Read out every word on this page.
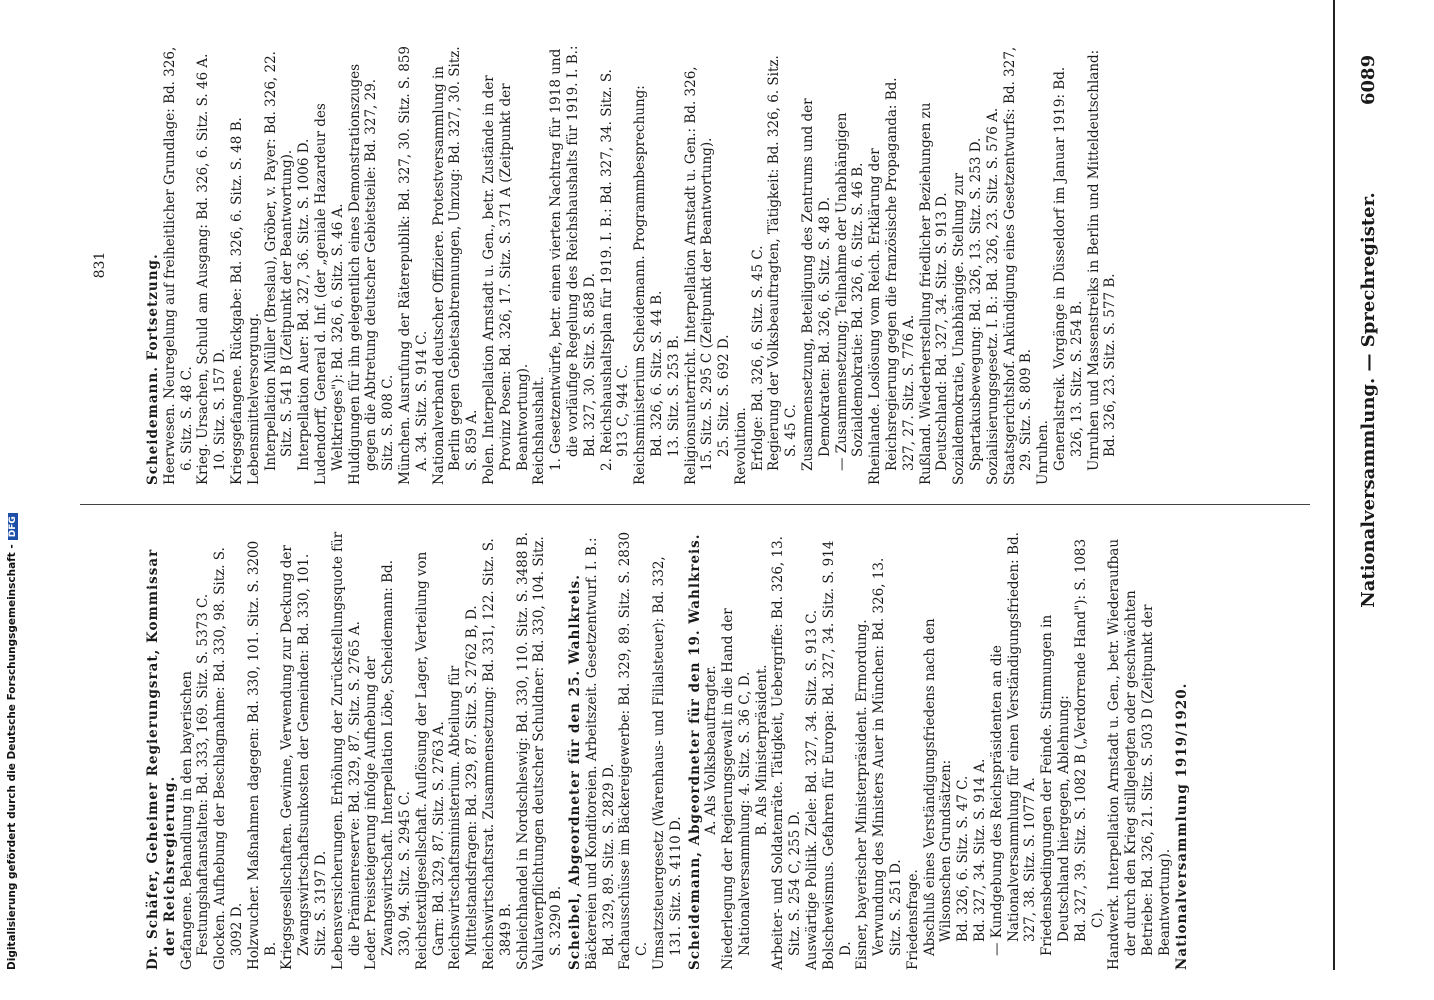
Nationalversammlung. — Sprechregister.
6089

Dr. Schäfer, Geheimer Regierungsrat, Kommissar der Reichsregierung. Gefangene. Behandlung in den bayerischen Festungshaftanstalten: Bd. 333, 169. Sitz. S. 5373 C. Glocken. Aufhebung der Beschlagnahme: Bd. 330, 98. Sitz. S. 3092 D. Holzwucher. Maßnahmen dagegen: Bd. 330, 101. Sitz. S. 3200 B. Kriegsgesellschaften. Gewinne, Verwendung zur Deckung der Zwangswirtschaftsunkosten der Gemeinden: Bd. 330, 101. Sitz. S. 3197 D. Lebensversicherungen. Erhöhung der Zurückstellungsquote für die Prämienreserve: Bd. 329, 87. Sitz. S. 2765 A. Leder. Preissteigerung infolge Aufhebung der Zwangswirtschaft. Interpellation Löbe, Scheidemann: Bd. 330, 94. Sitz. S. 2945 C. Reichstextilgesellschaft. Auflösung der Lager, Verteilung von Garn: Bd. 329, 87. Sitz. S. 2763 A. Reichswirtschaftsministerium. Abteilung für Mittelstandsfragen: Bd. 329, 87. Sitz. S. 2762 B, D. Reichswirtschaftsrat. Zusammensetzung: Bd. 331, 122. Sitz. S. 3849 B. Schleichhandel in Nordschleswig: Bd. 330, 110. Sitz. S. 3488 B. Valutaverpflichtungen deutscher Schuldner: Bd. 330, 104. Sitz. S. 3290 B. Scheibel, Abgeordneter für den 25. Wahlkreis. Bäckereien und Konditoreien. Arbeitszeit. Gesetzentwurf. I. B.: Bd. 329, 89. Sitz. S. 2829 D. Fachausschüsse im Bäckereigewerbe: Bd. 329, 89. Sitz. S. 2830 C. Umsatzsteuergesetz (Warenhaus- und Filialsteuer): Bd. 332, 131. Sitz. S. 4110 D. Scheidemann, Abgeordneter für den 19. Wahlkreis. A. Als Volksbeauftragter. Niederlegung der Regierungsgewalt in die Hand der Nationalversammlung: 4. Sitz. S. 36 C, D. B. Als Ministerpräsident. Arbeiter- und Soldatenräte. Tätigkeit, Uebergriffe: Bd. 326, 13. Sitz. S. 254 C, 255 D. Auswärtige Politik. Ziele: Bd. 327, 34. Sitz. S. 913 C. Bolschewismus. Gefahren für Europa: Bd. 327, 34. Sitz. S. 914 D. Eisner, bayerischer Ministerpräsident. Ermordung. Verwundung des Ministers Auer in München: Bd. 326, 13. Sitz. S. 251 D. Friedensfrage. Abschluß eines Verständigungsfriedens nach den Wilsonschen Grundsätzen: Bd. 326, 6. Sitz. S. 47 C. Bd. 327, 34. Sitz. S. 914 A. — Kundgebung des Reichspräsidenten an die Nationalversammlung für einen Verständigungsfrieden: Bd. 327, 38. Sitz. S. 1077 A. Friedensbedingungen der Feinde. Stimmungen in Deutschland hiergegen, Ablehnung: Bd. 327, 39. Sitz. S. 1082 B („Verdorrende Hand"): S. 1083 C). Handwerk. Interpellation Arnstadt u. Gen., betr. Wiederaufbau der durch den Krieg stillgelegten oder geschwächten Betriebe: Bd. 326, 21. Sitz. S. 503 D (Zeitpunkt der Beantwortung). Nationalversammlung 1919/1920.

Scheidemann. Fortsetzung. Heerwesen. Neuregelung auf freiheitlicher Grundlage: Bd. 326, 6. Sitz. S. 48 C. Krieg. Ursachen, Schuld am Ausgang: Bd. 326, 6. Sitz. S. 46 A. 10. Sitz. S. 157 D. Kriegsgefangene. Rückgabe: Bd. 326, 6. Sitz. S. 48 B. Lebensmittelversorgung. Interpellation Müller (Breslau), Gröber, v. Payer: Bd. 326, 22. Sitz. S. 541 B (Zeitpunkt der Beantwortung). Interpellation Auer: Bd. 327, 36. Sitz. S. 1006 D. Ludendorff, General d. Inf. (der „geniale Hazardeur des Weltkrieges"): Bd. 326, 6. Sitz. S. 46 A. Huldigungen für ihn gelegentlich eines Demonstrationszuges gegen die Abtretung deutscher Gebietsteile: Bd. 327, 29. Sitz. S. 808 C. München. Ausrufung der Räterepublik: Bd. 327, 30. Sitz. S. 859 A. 34. Sitz. S. 914 C. Nationalverband deutscher Offiziere. Protestversammlung in Berlin gegen Gebietsabtrennungen, Umzug: Bd. 327, 30. Sitz. S. 859 A. Polen. Interpellation Arnstadt u. Gen., betr. Zustände in der Provinz Posen: Bd. 326, 17. Sitz. S. 371 A (Zeitpunkt der Beantwortung). Reichshaushalt. 1. Gesetzentwürfe, betr. einen vierten Nachtrag für 1918 und die vorläufige Regelung des Reichshaushalts für 1919. I. B.: Bd. 327, 30. Sitz. S. 858 D. 2. Reichshaushaltsplan für 1919. I. B.: Bd. 327, 34. Sitz. S. 913 C, 944 C. Reichsministerium Scheidemann. Programmbesprechung: Bd. 326, 6. Sitz. S. 44 B. 13. Sitz. S. 253 B. Religionsunterricht. Interpellation Arnstadt u. Gen.: Bd. 326, 15. Sitz. S. 295 C (Zeitpunkt der Beantwortung). 25. Sitz. S. 692 D. Revolution. Erfolge: Bd. 326, 6. Sitz. S. 45 C. Regierung der Volksbeauftragten, Tätigkeit: Bd. 326, 6. Sitz. S. 45 C. Zusammensetzung, Beteiligung des Zentrums und der Demokraten: Bd. 326, 6. Sitz. S. 48 D. — Zusammensetzung; Teilnahme der Unabhängigen Sozialdemokratie: Bd. 326, 6. Sitz. S. 46 B. Rheinlande. Loslösung vom Reich. Erklärung der Reichsregierung gegen die französische Propaganda: Bd. 327, 27. Sitz. S. 776 A. Rußland. Wiederherstellung friedlicher Beziehungen zu Deutschland: Bd. 327, 34. Sitz. S. 913 D. Sozialdemokratie, Unabhängige. Stellung zur Spartakusbewegung: Bd. 326, 13. Sitz. S. 253 D. Sozialisierungsgesetz. I. B.: Bd. 326, 23. Sitz. S. 576 A. Staatsgerichtshof. Ankündigung eines Gesetzentwurfs: Bd. 327, 29. Sitz. S. 809 B. Unruhen. Generalstreik. Vorgänge in Düsseldorf im Januar 1919: Bd. 326, 13. Sitz. S. 254 B. Unruhen und Massenstreiks in Berlin und Mitteldeutschland: Bd. 326, 23. Sitz. S. 577 B.

831
Digitalisierung gefördert durch die Deutsche Forschungsgemeinschaft -DFG
